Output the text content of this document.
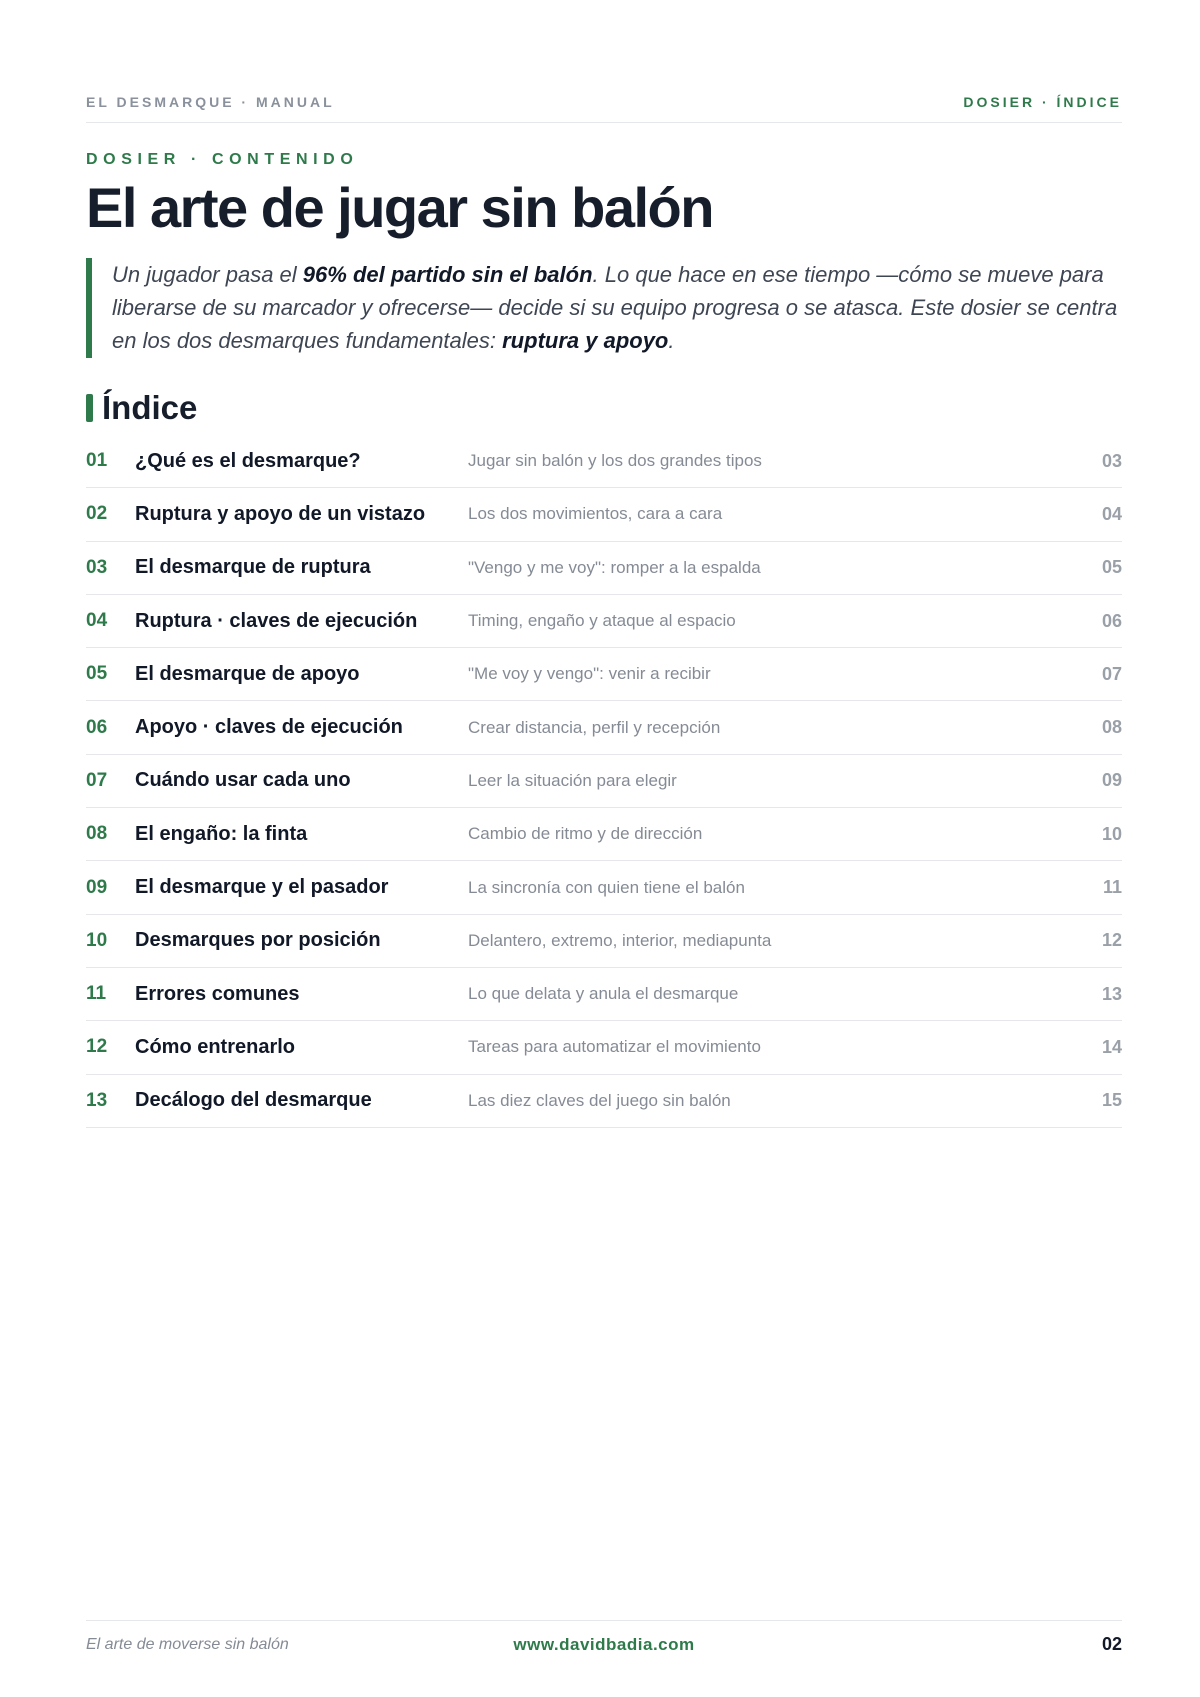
EL DESMARQUE · MANUAL	DOSIER · ÍNDICE
DOSIER · CONTENIDO
El arte de jugar sin balón

Un jugador pasa el 96% del partido sin el balón. Lo que hace en ese tiempo —cómo se mueve para liberarse de su marcador y ofrecerse— decide si su equipo progresa o se atasca. Este dosier se centra en los dos desmarques fundamentales: ruptura y apoyo.

Índice
01	¿Qué es el desmarque?	Jugar sin balón y los dos grandes tipos	03
02	Ruptura y apoyo de un vistazo	Los dos movimientos, cara a cara	04
03	El desmarque de ruptura	"Vengo y me voy": romper a la espalda	05
04	Ruptura · claves de ejecución	Timing, engaño y ataque al espacio	06
05	El desmarque de apoyo	"Me voy y vengo": venir a recibir	07
06	Apoyo · claves de ejecución	Crear distancia, perfil y recepción	08
07	Cuándo usar cada uno	Leer la situación para elegir	09
08	El engaño: la finta	Cambio de ritmo y de dirección	10
09	El desmarque y el pasador	La sincronía con quien tiene el balón	11
10	Desmarques por posición	Delantero, extremo, interior, mediapunta	12
11	Errores comunes	Lo que delata y anula el desmarque	13
12	Cómo entrenarlo	Tareas para automatizar el movimiento	14
13	Decálogo del desmarque	Las diez claves del juego sin balón	15
El arte de moverse sin balón	www.davidbadia.com	02
